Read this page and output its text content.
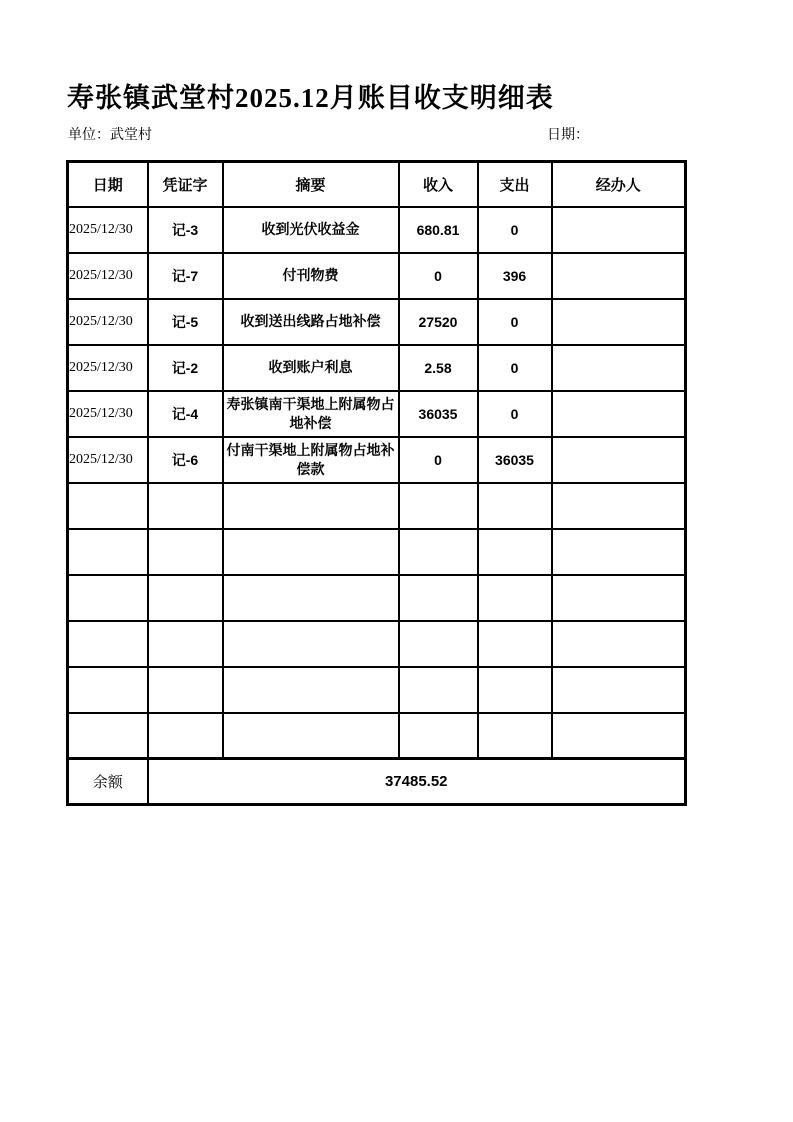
寿张镇武堂村2025.12月账目收支明细表
单位：武堂村	日期：
日期	凭证字	摘要	收入	支出	经办人
2025/12/30	记-3	收到光伏收益金	680.81	0	
2025/12/30	记-7	付刊物费	0	396	
2025/12/30	记-5	收到送出线路占地补偿	27520	0	
2025/12/30	记-2	收到账户利息	2.58	0	
2025/12/30	记-4	寿张镇南干渠地上附属物占地补偿	36035	0	
2025/12/30	记-6	付南干渠地上附属物占地补偿款	0	36035	

余额	37485.52				
